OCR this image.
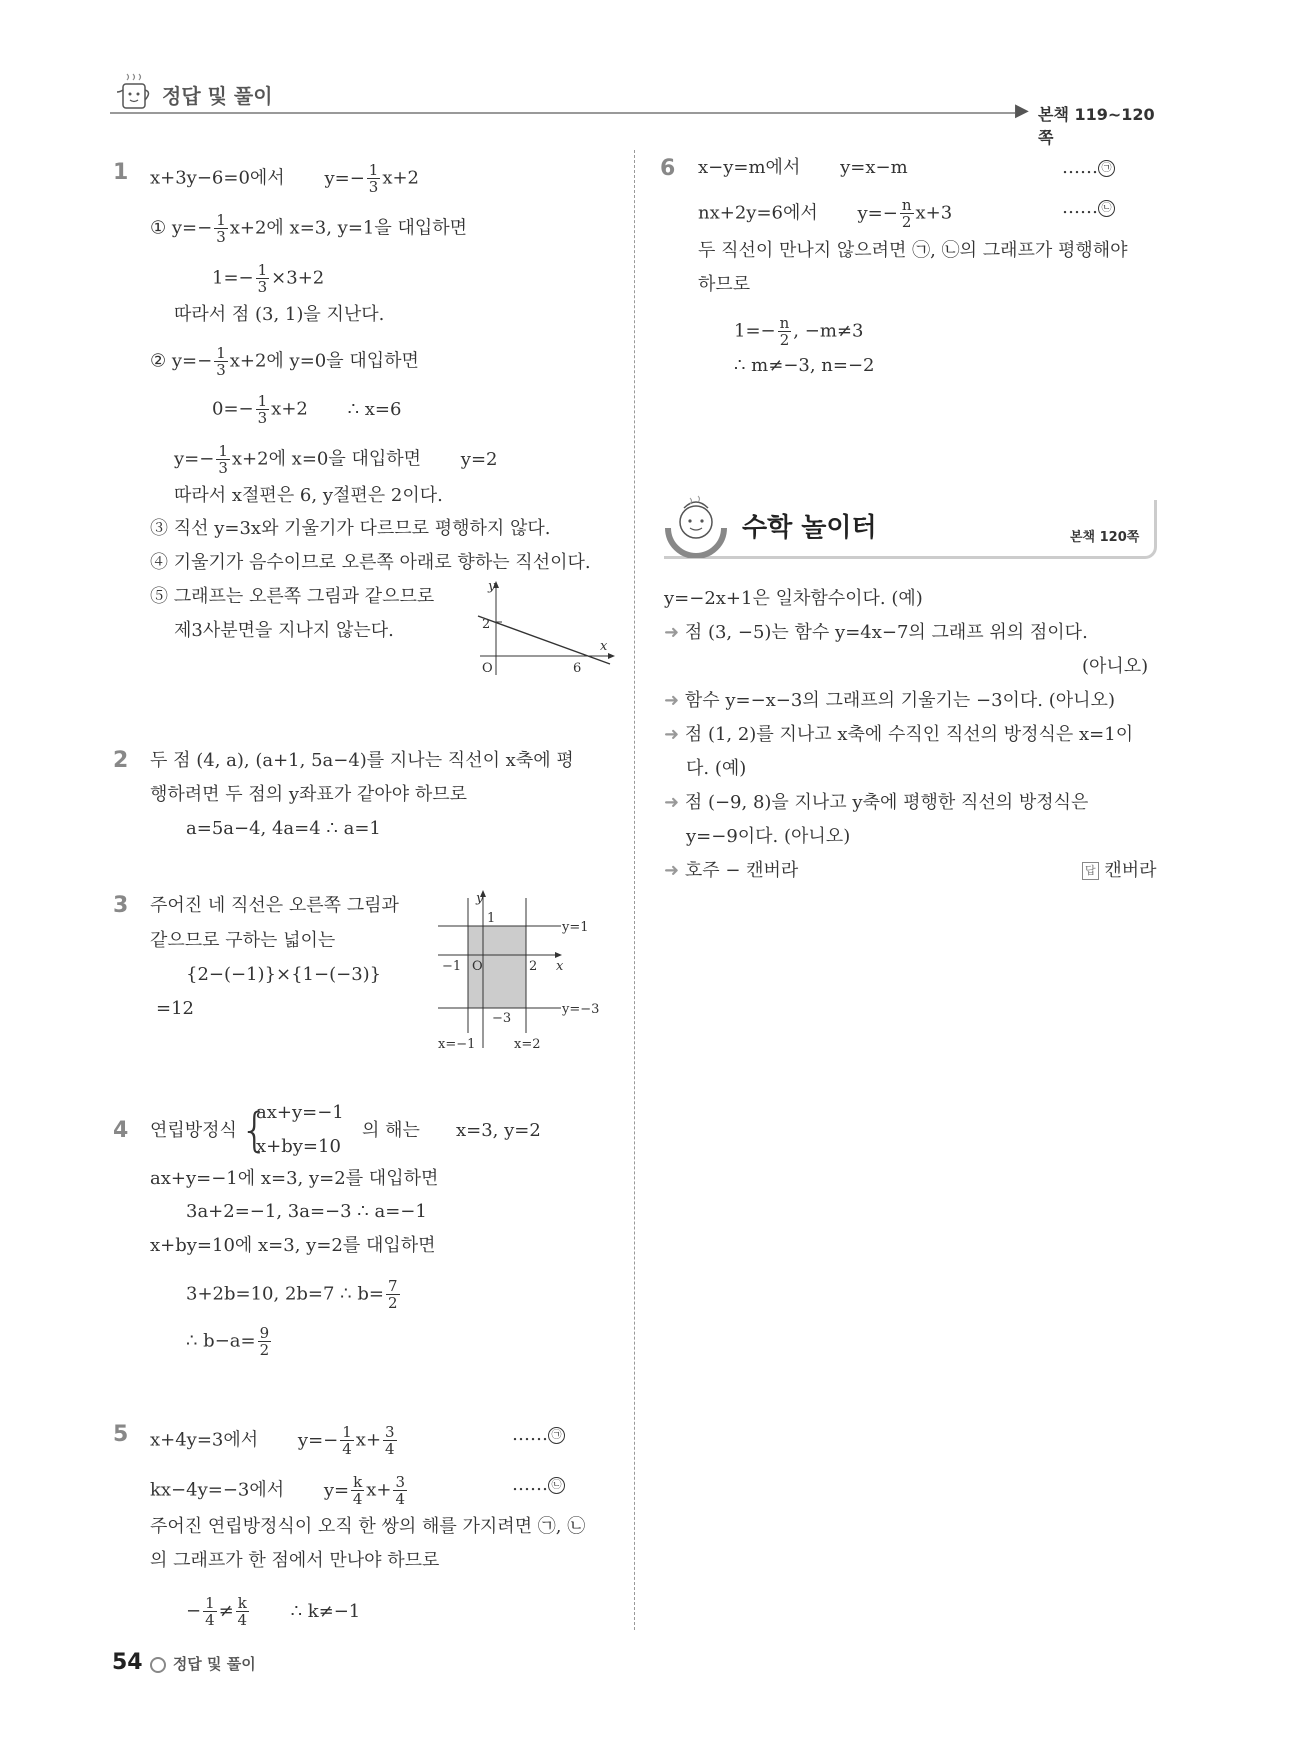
정답 및 풀이
▶ 본책 119~120쪽
1 x+3y−6=0에서 $y=- \frac{1}{3} x+2$
① $y=- \frac{1}{3} x+2$에 x=3, y=1을 대입하면
$1=- \frac{1}{3} \times 3+2$
따라서 점 (3, 1)을 지난다.
② $y=- \frac{1}{3} x+2$에 y=0을 대입하면
$0=- \frac{1}{3} x+2$ ∴ x=6
$y=- \frac{1}{3} x+2$에 x=0을 대입하면 y=2
따라서 x절편은 6, y절편은 2이다.
③ 직선 y=3x와 기울기가 다르므로 평행하지 않다.
④ 기울기가 음수이므로 오른쪽 아래로 향하는 직선이다.
⑤ 그래프는 오른쪽 그림과 같으므로
제3사분면을 지나지 않는다.
y
x
2
O	6
2 두 점 (4, a), (a+1, 5a−4)를 지나는 직선이 x축에 평
행하려면 두 점의 y좌표가 같아야 하므로
a=5a−4, 4a=4 ∴ a=1
3 주어진 네 직선은 오른쪽 그림과
같으므로 구하는 넓이는
{2−(−1)}×{1−(−3)}
=12
y
x
1
−1 O	2
−3
y=1
y=−3
x=−1	x=2
4 연립방정식 {
ax+y=−1
x+by=10
의 해는 x=3, y=2
ax+y=−1에 x=3, y=2를 대입하면
3a+2=−1, 3a=−3 ∴ a=−1
x+by=10에 x=3, y=2를 대입하면
3+2b=10, 2b=7 ∴ $b= \frac{7}{2}$
∴ $b-a= \frac{9}{2}$
5 x+4y=3에서 $y=- \frac{1}{4} x+ \frac{3}{4}$	…… ㉠
kx−4y=−3에서 $y= \frac{k}{4} x+ \frac{3}{4}$	…… ㉡
주어진 연립방정식이 오직 한 쌍의 해를 가지려면 ㉠, ㉡
의 그래프가 한 점에서 만나야 하므로
− $\frac{1}{4} \ne \frac{k}{4}$ ∴ k≠−1
6 x−y=m에서 y=x−m	…… ㉠
nx+2y=6에서 $y=- \frac{n}{2} x+3$	…… ㉡
두 직선이 만나지 않으려면 ㉠, ㉡의 그래프가 평행해야
하므로
$1=- \frac{n}{2}$ , −m≠3
∴ m≠−3, n=−2
수학 놀이터	본책 120쪽
y=−2x+1은 일차함수이다. (예)
➜ 점 (3, −5)는 함수 y=4x−7의 그래프 위의 점이다.
(아니오)
➜ 함수 y=−x−3의 그래프의 기울기는 −3이다. (아니오)
➜ 점 (1, 2)를 지나고 x축에 수직인 직선의 방정식은 x=1이
다. (예)
➜ 점 (−9, 8)을 지나고 y축에 평행한 직선의 방정식은
y=−9이다. (아니오)
➜ 호주 − 캔버라	답 캔버라
54 정답 및 풀이
